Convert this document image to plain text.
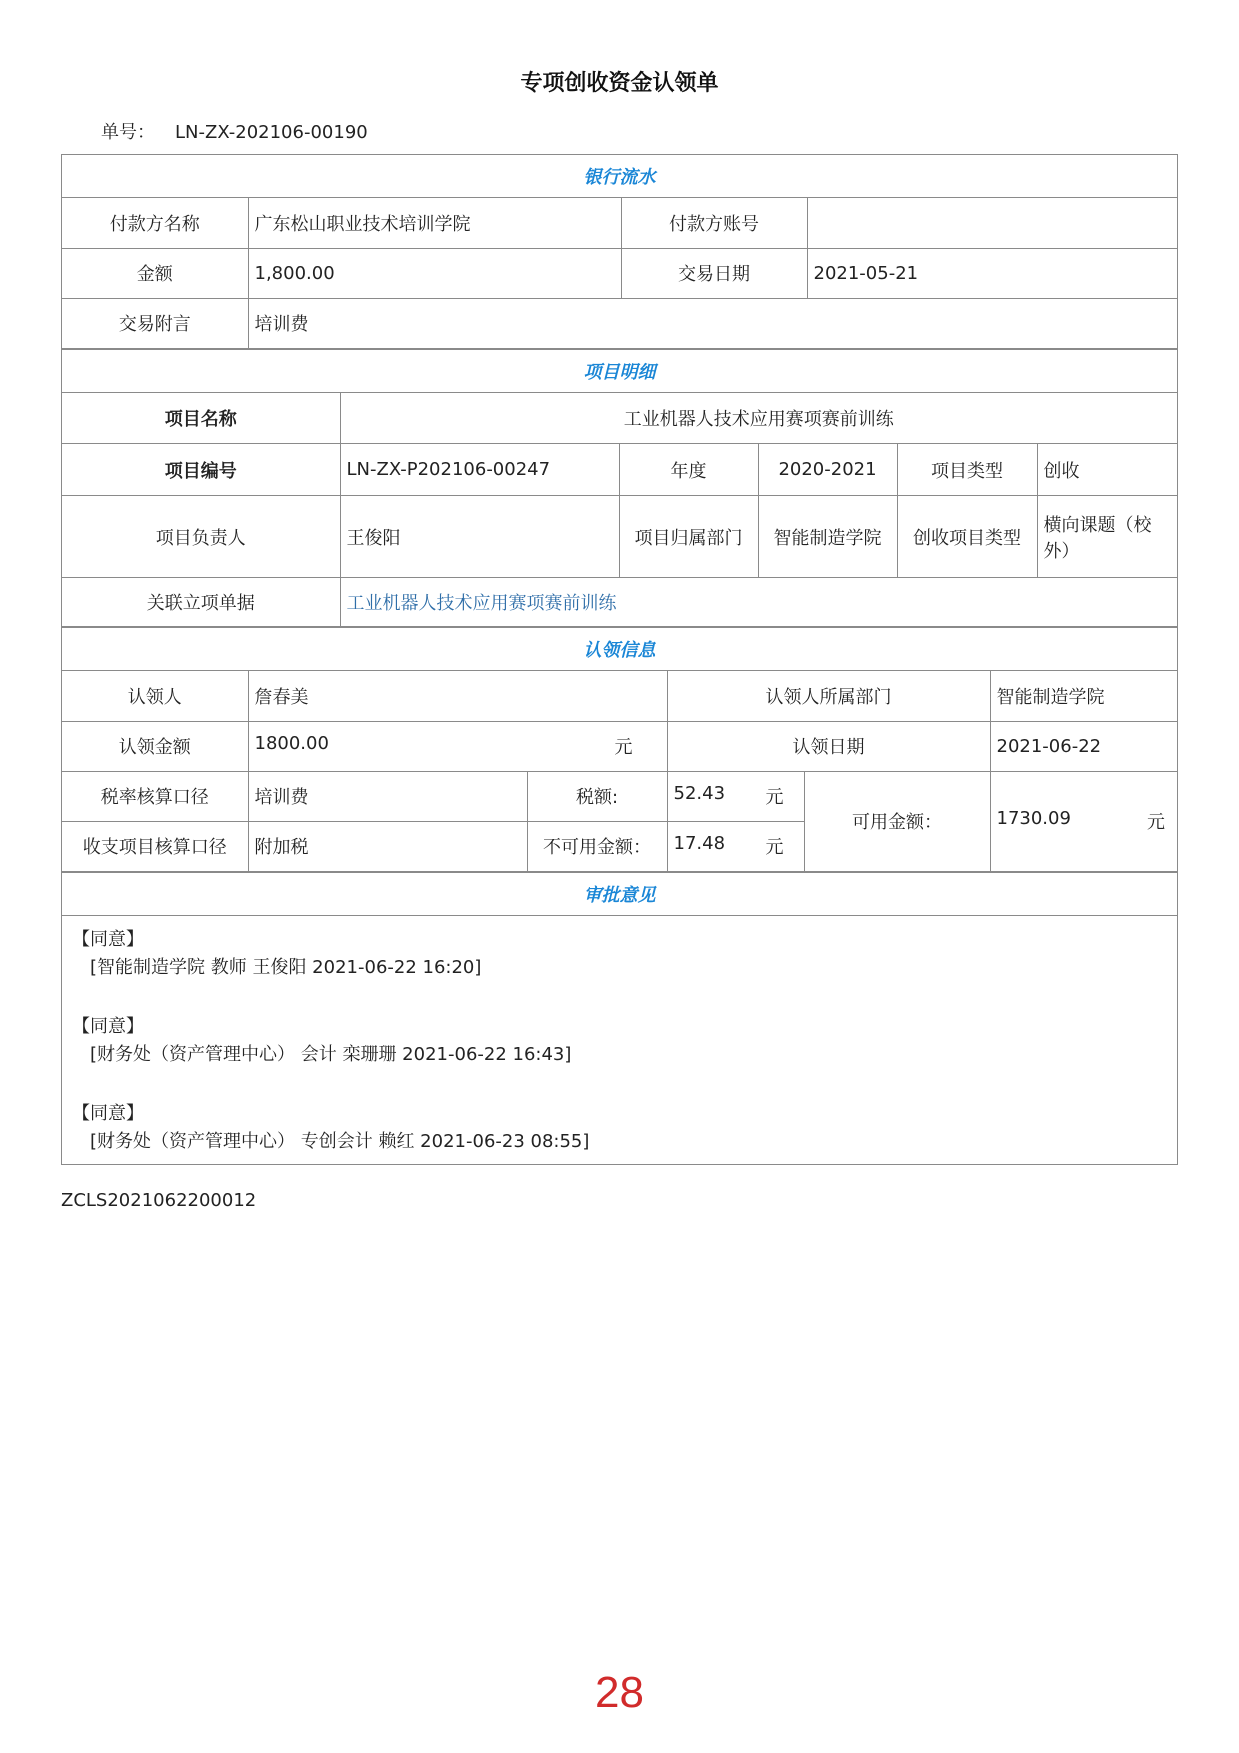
专项创收资金认领单
单号： LN-ZX-202106-00190
银行流水
付款方名称	广东松山职业技术培训学院	付款方账号	
金额	1,800.00	交易日期	2021-05-21
交易附言	培训费		
项目明细
项目名称	工业机器人技术应用赛项赛前训练				
项目编号	LN-ZX-P202106-00247	年度	2020-2021	项目类型	创收
项目负责人	王俊阳	项目归属部门	智能制造学院	创收项目类型	横向课题（校外）
关联立项单据	工业机器人技术应用赛项赛前训练				
认领信息
认领人	詹春美		认领人所属部门		智能制造学院
认领金额	1800.00 元		认领日期		2021-06-22
税率核算口径	培训费	税额:	52.43 元	可用金额：	1730.09 元

收支项目核算口径	附加税	不可用金额：	17.48 元		
审批意见
【同意】
[智能制造学院 教师 王俊阳 2021-06-22 16:20]
【同意】
[财务处（资产管理中心） 会计 栾珊珊 2021-06-22 16:43]
【同意】
[财务处（资产管理中心） 专创会计 赖红 2021-06-23 08:55]
ZCLS2021062200012
28
